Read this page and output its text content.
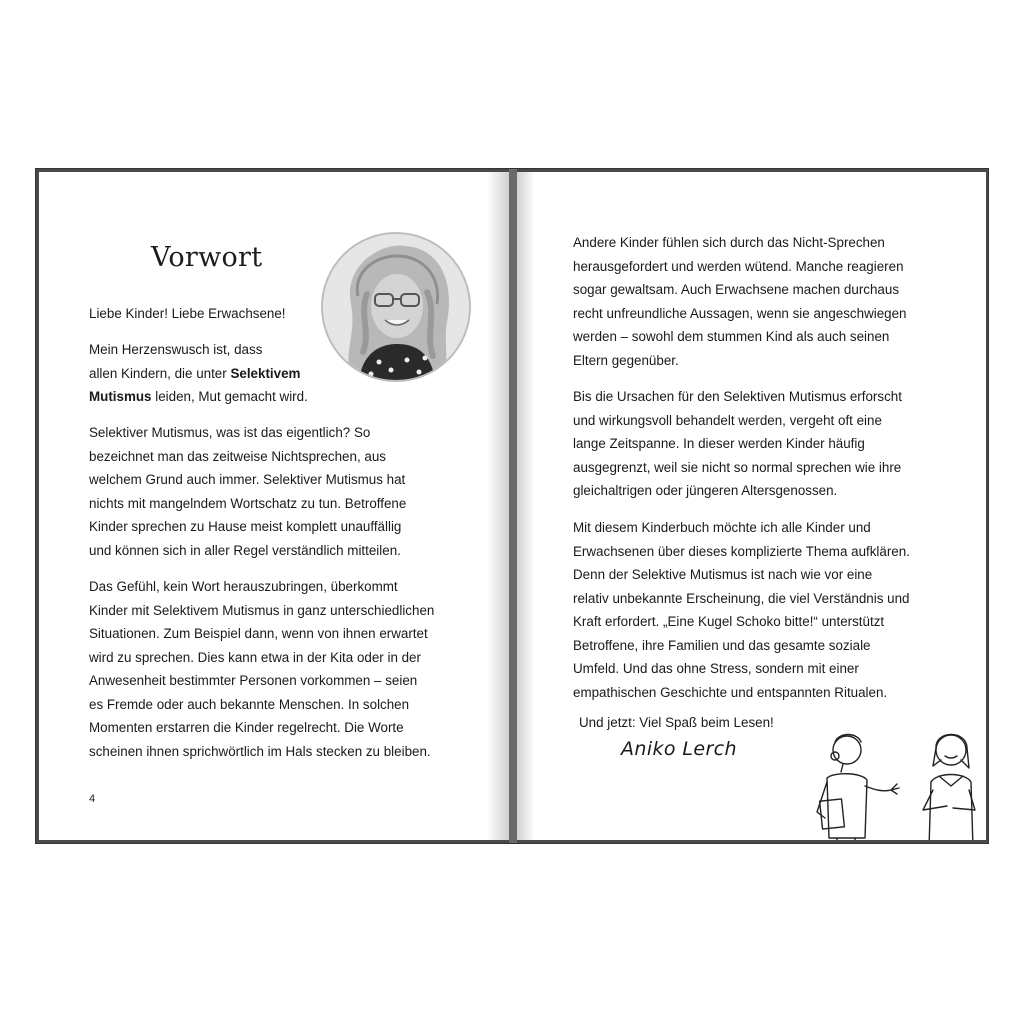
Vorwort

Liebe Kinder! Liebe Erwachsene!

Mein Herzenswusch ist, dass
allen Kindern, die unter Selektivem
Mutismus leiden, Mut gemacht wird.

Selektiver Mutismus, was ist das eigentlich? So
bezeichnet man das zeitweise Nichtsprechen, aus
welchem Grund auch immer. Selektiver Mutismus hat
nichts mit mangelndem Wortschatz zu tun. Betroffene
Kinder sprechen zu Hause meist komplett unauffällig
und können sich in aller Regel verständlich mitteilen.

Das Gefühl, kein Wort herauszubringen, überkommt
Kinder mit Selektivem Mutismus in ganz unterschiedlichen
Situationen. Zum Beispiel dann, wenn von ihnen erwartet
wird zu sprechen. Dies kann etwa in der Kita oder in der
Anwesenheit bestimmter Personen vorkommen – seien
es Fremde oder auch bekannte Menschen. In solchen
Momenten erstarren die Kinder regelrecht. Die Worte
scheinen ihnen sprichwörtlich im Hals stecken zu bleiben.

4

Andere Kinder fühlen sich durch das Nicht-Sprechen
herausgefordert und werden wütend. Manche reagieren
sogar gewaltsam. Auch Erwachsene machen durchaus
recht unfreundliche Aussagen, wenn sie angeschwiegen
werden – sowohl dem stummen Kind als auch seinen
Eltern gegenüber.

Bis die Ursachen für den Selektiven Mutismus erforscht
und wirkungsvoll behandelt werden, vergeht oft eine
lange Zeitspanne. In dieser werden Kinder häufig
ausgegrenzt, weil sie nicht so normal sprechen wie ihre
gleichaltrigen oder jüngeren Altersgenossen.

Mit diesem Kinderbuch möchte ich alle Kinder und
Erwachsenen über dieses komplizierte Thema aufklären.
Denn der Selektive Mutismus ist nach wie vor eine
relativ unbekannte Erscheinung, die viel Verständnis und
Kraft erfordert. „Eine Kugel Schoko bitte!“ unterstützt
Betroffene, ihre Familien und das gesamte soziale
Umfeld. Und das ohne Stress, sondern mit einer
empathischen Geschichte und entspannten Ritualen.

Und jetzt: Viel Spaß beim Lesen!
Aniko Lerch
